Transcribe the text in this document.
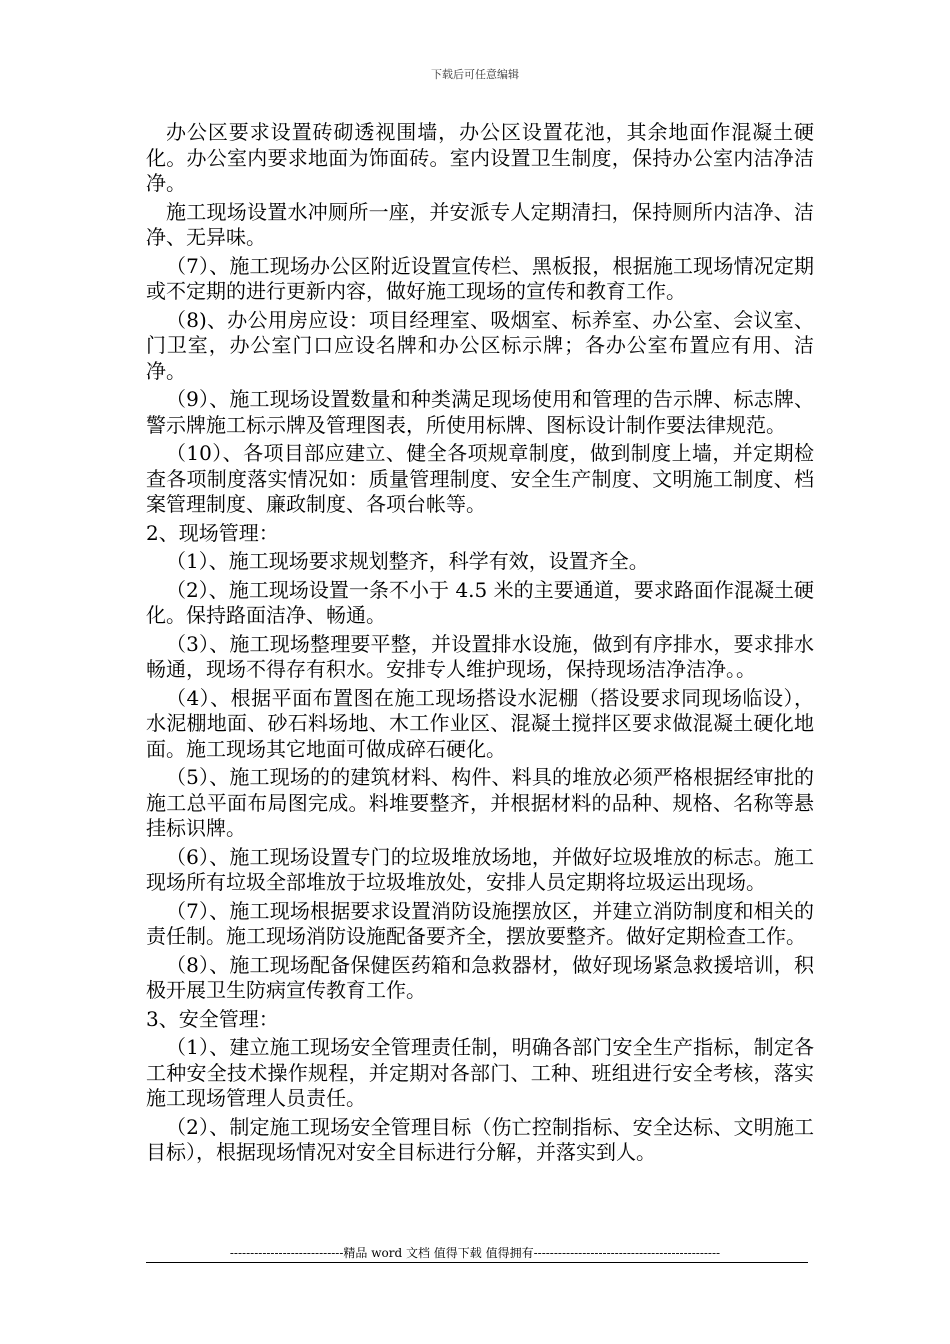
下载后可任意编辑

办公区要求设置砖砌透视围墙，办公区设置花池，其余地面作混凝土硬化。办公室内要求地面为饰面砖。室内设置卫生制度，保持办公室内洁净洁净。

施工现场设置水冲厕所一座，并安派专人定期清扫，保持厕所内洁净、洁净、无异味。

（7）、施工现场办公区附近设置宣传栏、黑板报，根据施工现场情况定期或不定期的进行更新内容，做好施工现场的宣传和教育工作。

（8)、办公用房应设：项目经理室、吸烟室、标养室、办公室、会议室、门卫室，办公室门口应设名牌和办公区标示牌；各办公室布置应有用、洁净。

（9）、施工现场设置数量和种类满足现场使用和管理的告示牌、标志牌、警示牌施工标示牌及管理图表，所使用标牌、图标设计制作要法律规范。

（10）、各项目部应建立、健全各项规章制度，做到制度上墙，并定期检查各项制度落实情况如：质量管理制度、安全生产制度、文明施工制度、档案管理制度、廉政制度、各项台帐等。

2、现场管理：

（1）、施工现场要求规划整齐，科学有效，设置齐全。

（2）、施工现场设置一条不小于 4.5 米的主要通道，要求路面作混凝土硬化。保持路面洁净、畅通。

（3）、施工现场整理要平整，并设置排水设施，做到有序排水，要求排水畅通，现场不得存有积水。安排专人维护现场，保持现场洁净洁净。。

（4）、根据平面布置图在施工现场搭设水泥棚（搭设要求同现场临设），水泥棚地面、砂石料场地、木工作业区、混凝土搅拌区要求做混凝土硬化地面。施工现场其它地面可做成碎石硬化。

（5）、施工现场的的建筑材料、构件、料具的堆放必须严格根据经审批的施工总平面布局图完成。料堆要整齐，并根据材料的品种、规格、名称等悬挂标识牌。

（6）、施工现场设置专门的垃圾堆放场地，并做好垃圾堆放的标志。施工现场所有垃圾全部堆放于垃圾堆放处，安排人员定期将垃圾运出现场。

（7）、施工现场根据要求设置消防设施摆放区，并建立消防制度和相关的责任制。施工现场消防设施配备要齐全，摆放要整齐。做好定期检查工作。

（8）、施工现场配备保健医药箱和急救器材，做好现场紧急救援培训，积极开展卫生防病宣传教育工作。

3、安全管理：

（1）、建立施工现场安全管理责任制，明确各部门安全生产指标，制定各工种安全技术操作规程，并定期对各部门、工种、班组进行安全考核，落实施工现场管理人员责任。

（2）、制定施工现场安全管理目标（伤亡控制指标、安全达标、文明施工目标），根据现场情况对安全目标进行分解，并落实到人。

----------------------------精品 word 文档 值得下载 值得拥有----------------------------------------------
